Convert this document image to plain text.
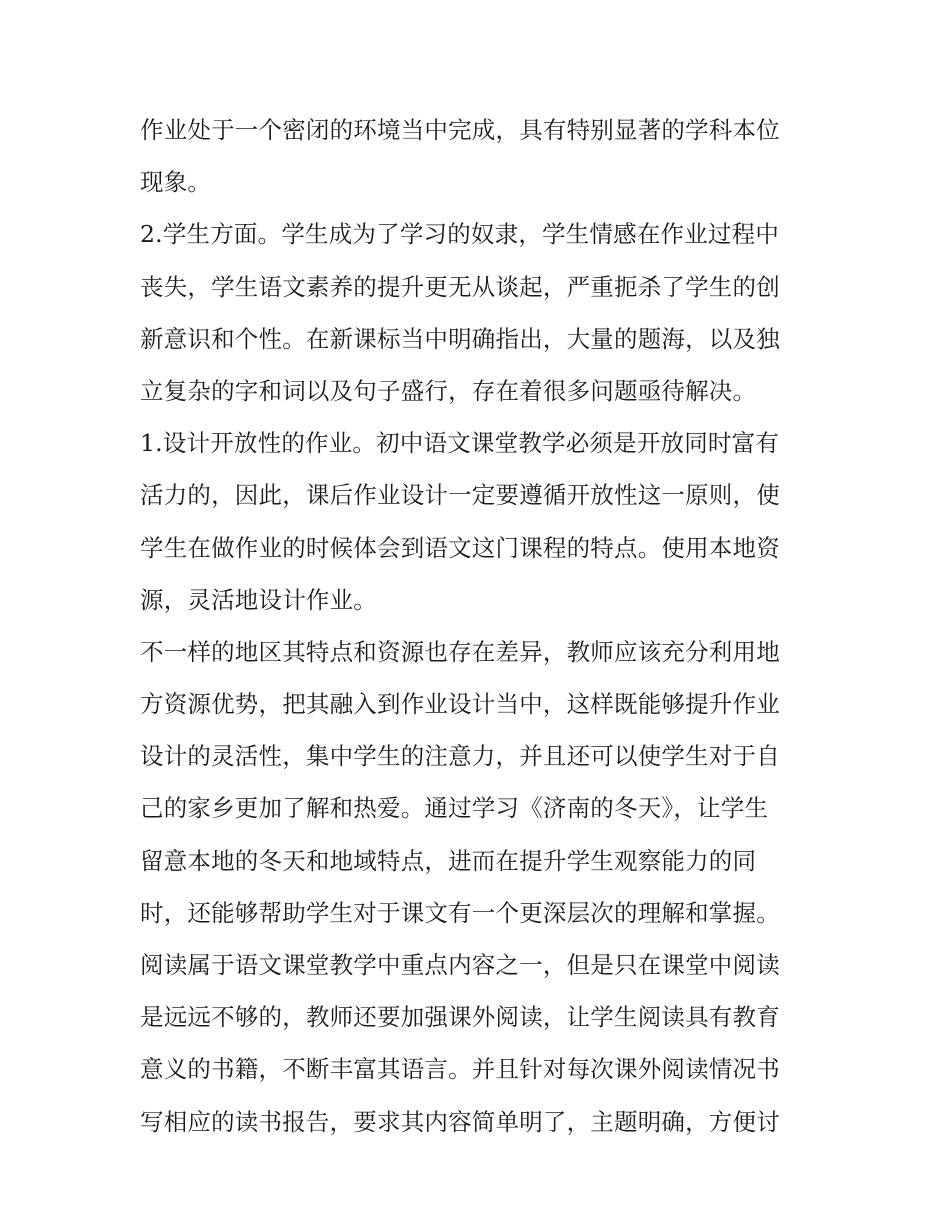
作业处于一个密闭的环境当中完成，具有特别显著的学科本位
现象。
2.学生方面。学生成为了学习的奴隶，学生情感在作业过程中
丧失，学生语文素养的提升更无从谈起，严重扼杀了学生的创
新意识和个性。在新课标当中明确指出，大量的题海，以及独
立复杂的字和词以及句子盛行，存在着很多问题亟待解决。
1.设计开放性的作业。初中语文课堂教学必须是开放同时富有
活力的，因此，课后作业设计一定要遵循开放性这一原则，使
学生在做作业的时候体会到语文这门课程的特点。使用本地资
源，灵活地设计作业。
不一样的地区其特点和资源也存在差异，教师应该充分利用地
方资源优势，把其融入到作业设计当中，这样既能够提升作业
设计的灵活性，集中学生的注意力，并且还可以使学生对于自
己的家乡更加了解和热爱。通过学习《济南的冬天》，让学生
留意本地的冬天和地域特点，进而在提升学生观察能力的同
时，还能够帮助学生对于课文有一个更深层次的理解和掌握。
阅读属于语文课堂教学中重点内容之一，但是只在课堂中阅读
是远远不够的，教师还要加强课外阅读，让学生阅读具有教育
意义的书籍，不断丰富其语言。并且针对每次课外阅读情况书
写相应的读书报告，要求其内容简单明了，主题明确，方便讨
